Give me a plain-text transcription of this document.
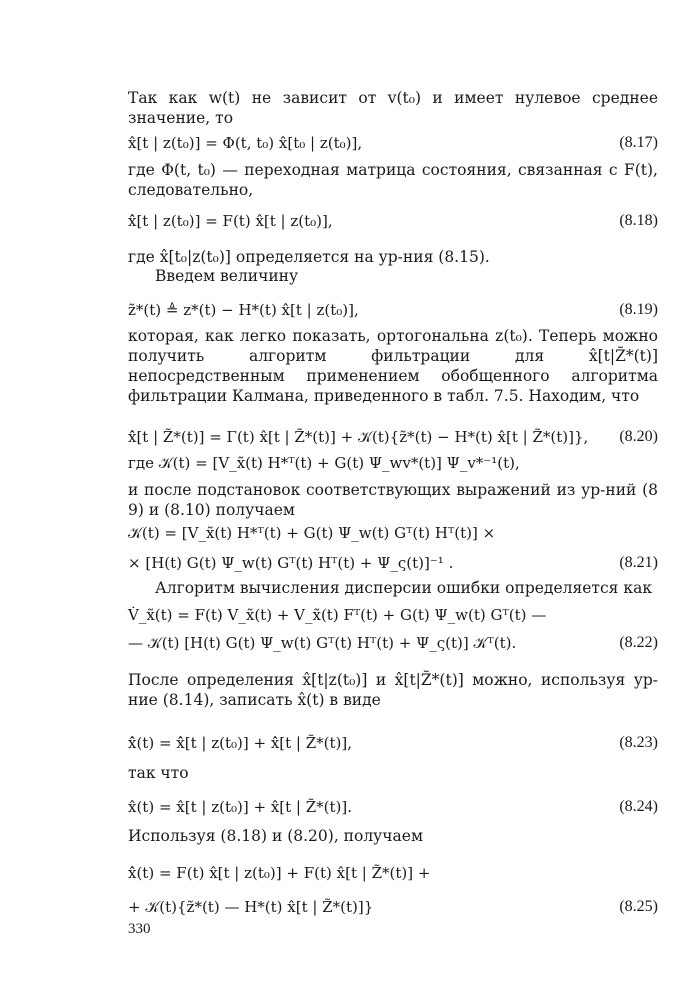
Так как w(t) не зависит от v(t₀) и имеет нулевое среднее значение, то
x̂[t | z(t₀)] = Φ(t, t₀) x̂[t₀ | z(t₀)],	(8.17)
где Φ(t, t₀) — переходная матрица состояния, связанная с F(t), следовательно,
x̂̇[t | z(t₀)] = F(t) x̂[t | z(t₀)],	(8.18)
где x̂[t₀|z(t₀)] определяется на ур-ния (8.15).
Введем величину
z̃*(t) ≜ z*(t) − H*(t) x̂[t | z(t₀)],	(8.19)
которая, как легко показать, ортогональна z(t₀). Теперь можно получить алгоритм фильтрации для x̂[t|Z̃*(t)] непосредственным применением обобщенного алгоритма фильтрации Калмана, приведенного в табл. 7.5. Находим, что
x̂̇[t | Z̃*(t)] = Γ(t) x̂[t | Z̃*(t)] + 𝒦(t){z̃*(t) − H*(t) x̂[t | Z̃*(t)]}, (8.20)
где 𝒦(t) = [V_x̃(t) H*ᵀ(t) + G(t) Ψ_wv*(t)] Ψ_v*⁻¹(t),
и после подстановок соответствующих выражений из ур-ний (8 9) и (8.10) получаем
𝒦(t) = [V_x̃(t) H*ᵀ(t) + G(t) Ψ_w(t) Gᵀ(t) Hᵀ(t)] ×
× [H(t) G(t) Ψ_w(t) Gᵀ(t) Hᵀ(t) + Ψ_ς(t)]⁻¹ .	(8.21)
Алгоритм вычисления дисперсии ошибки определяется как
V̇_x̃(t) = F(t) V_x̃(t) + V_x̃(t) Fᵀ(t) + G(t) Ψ_w(t) Gᵀ(t) —
— 𝒦(t) [H(t) G(t) Ψ_w(t) Gᵀ(t) Hᵀ(t) + Ψ_ς(t)] 𝒦ᵀ(t).	(8.22)
После определения x̂[t|z(t₀)] и x̂[t|Z̃*(t)] можно, используя ур-ние (8.14), записать x̂(t) в виде
x̂̇(t) = x̂̇[t | z(t₀)] + x̂̇[t | Z̃*(t)],	(8.23)
так что
x̂(t) = x̂[t | z(t₀)] + x̂[t | Z̃*(t)].	(8.24)
Используя (8.18) и (8.20), получаем
x̂̇(t) = F(t) x̂[t | z(t₀)] + F(t) x̂[t | Z̃*(t)] +
+ 𝒦(t){z̃*(t) — H*(t) x̂[t | Z̃*(t)]}	(8.25)
330
